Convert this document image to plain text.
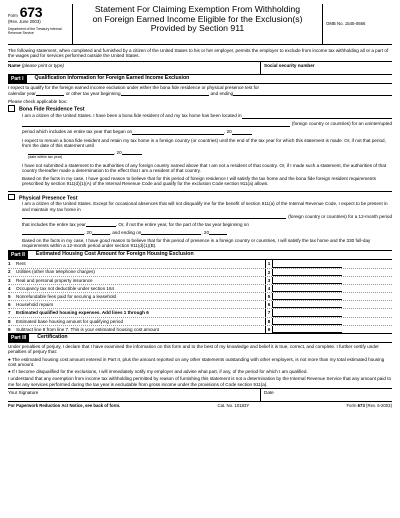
Form 673
(Rev. June 2003)
Department of the Treasury Internal Revenue Service
Statement For Claiming Exemption From Withholding
on Foreign Earned Income Eligible for the Exclusion(s)
Provided by Section 911
OMB No. 1545-0666
The following statement, when completed and furnished by a citizen of the United States to his or her employer, permits the employer to exclude from income tax withholding all or a part of the wages paid for services performed outside the United States.
Name (please print or type)	Social security number
Part I	Qualification Information for Foreign Earned Income Exclusion
I expect to qualify for the foreign earned income exclusion under either the bona fide residence or physical presence test for
calendar year	or other tax year beginning	and ending
Please check applicable box:
Bona Fide Residence Test
I am a citizen of the United States. I have been a bona fide resident of and my tax home has been located in
(foreign country or countries) for an uninterrupted
period which includes an entire tax year that began on	, 20
I expect to remain a bona fide resident and retain my tax home in a foreign country (or countries) until the end of the tax year for which this statement is made. Or, if not that period, from the date of this statement until
, 20
(date within tax year)
I have not submitted a statement to the authorities of any foreign country named above that I am not a resident of that country. Or, if I made such a statement, the authorities of that country thereafter made a determination to the effect that I am a resident of that country.
Based on the facts in my case, I have good reason to believe that for this period of foreign residence I will satisfy the tax home and the bona fide foreign resident requirements prescribed by section 911(d)(1)(A) of the Internal Revenue Code and qualify for the exclusion Code section 911(a) allows.
Physical Presence Test
I am a citizen of the United States. Except for occasional absences that will not disqualify me for the benefit of section 911(a) of the Internal Revenue Code, I expect to be present in and maintain my tax home in
(foreign country or countries) for a 12-month period
that includes the entire tax year	. Or, if not the entire year, for the part of the tax year beginning on
, 20	, and ending on	, 20
Based on the facts in my case, I have good reason to believe that for this period of presence in a foreign country or countries, I will satisfy the tax home and the 330 full-day requirements within a 12-month period under section 911(d)(1)(B).
Part II	Estimated Housing Cost Amount for Foreign Housing Exclusion
1	Rent	1
2	Utilities (other than telephone charges)	2
3	Real and personal property insurance	3
4	Occupancy tax not deductible under section 164	4
5	Nonrefundable fees paid for securing a leasehold	5
6	Household repairs	6
7	Estimated qualified housing expenses. Add lines 1 through 6	7
8	Estimated base housing amount for qualifying period	8
9	Subtract line 8 from line 7. This is your estimated housing cost amount	9
Part III	Certification
Under penalties of perjury, I declare that I have examined the information on this form and to the best of my knowledge and belief it is true, correct, and complete. I further certify under penalties of perjury that:
● The estimated housing cost amount entered in Part II, plus the amount reported on any other statements outstanding with other employers, is not more than my total estimated housing cost amount.
● If I become disqualified for the exclusions, I will immediately notify my employer and advise what part, if any, of the period for which I am qualified.
I understand that any exemption from income tax withholding permitted by reason of furnishing this statement is not a determination by the Internal Revenue Service that any amount paid to me for any services performed during the tax year is excludable from gross income under the provisions of Code section 911(a).
Your Signature	Date
For Paperwork Reduction Act Notice, see back of form.	Cat. No. 10183Y	Form 673 (Rev. 6-2003)
